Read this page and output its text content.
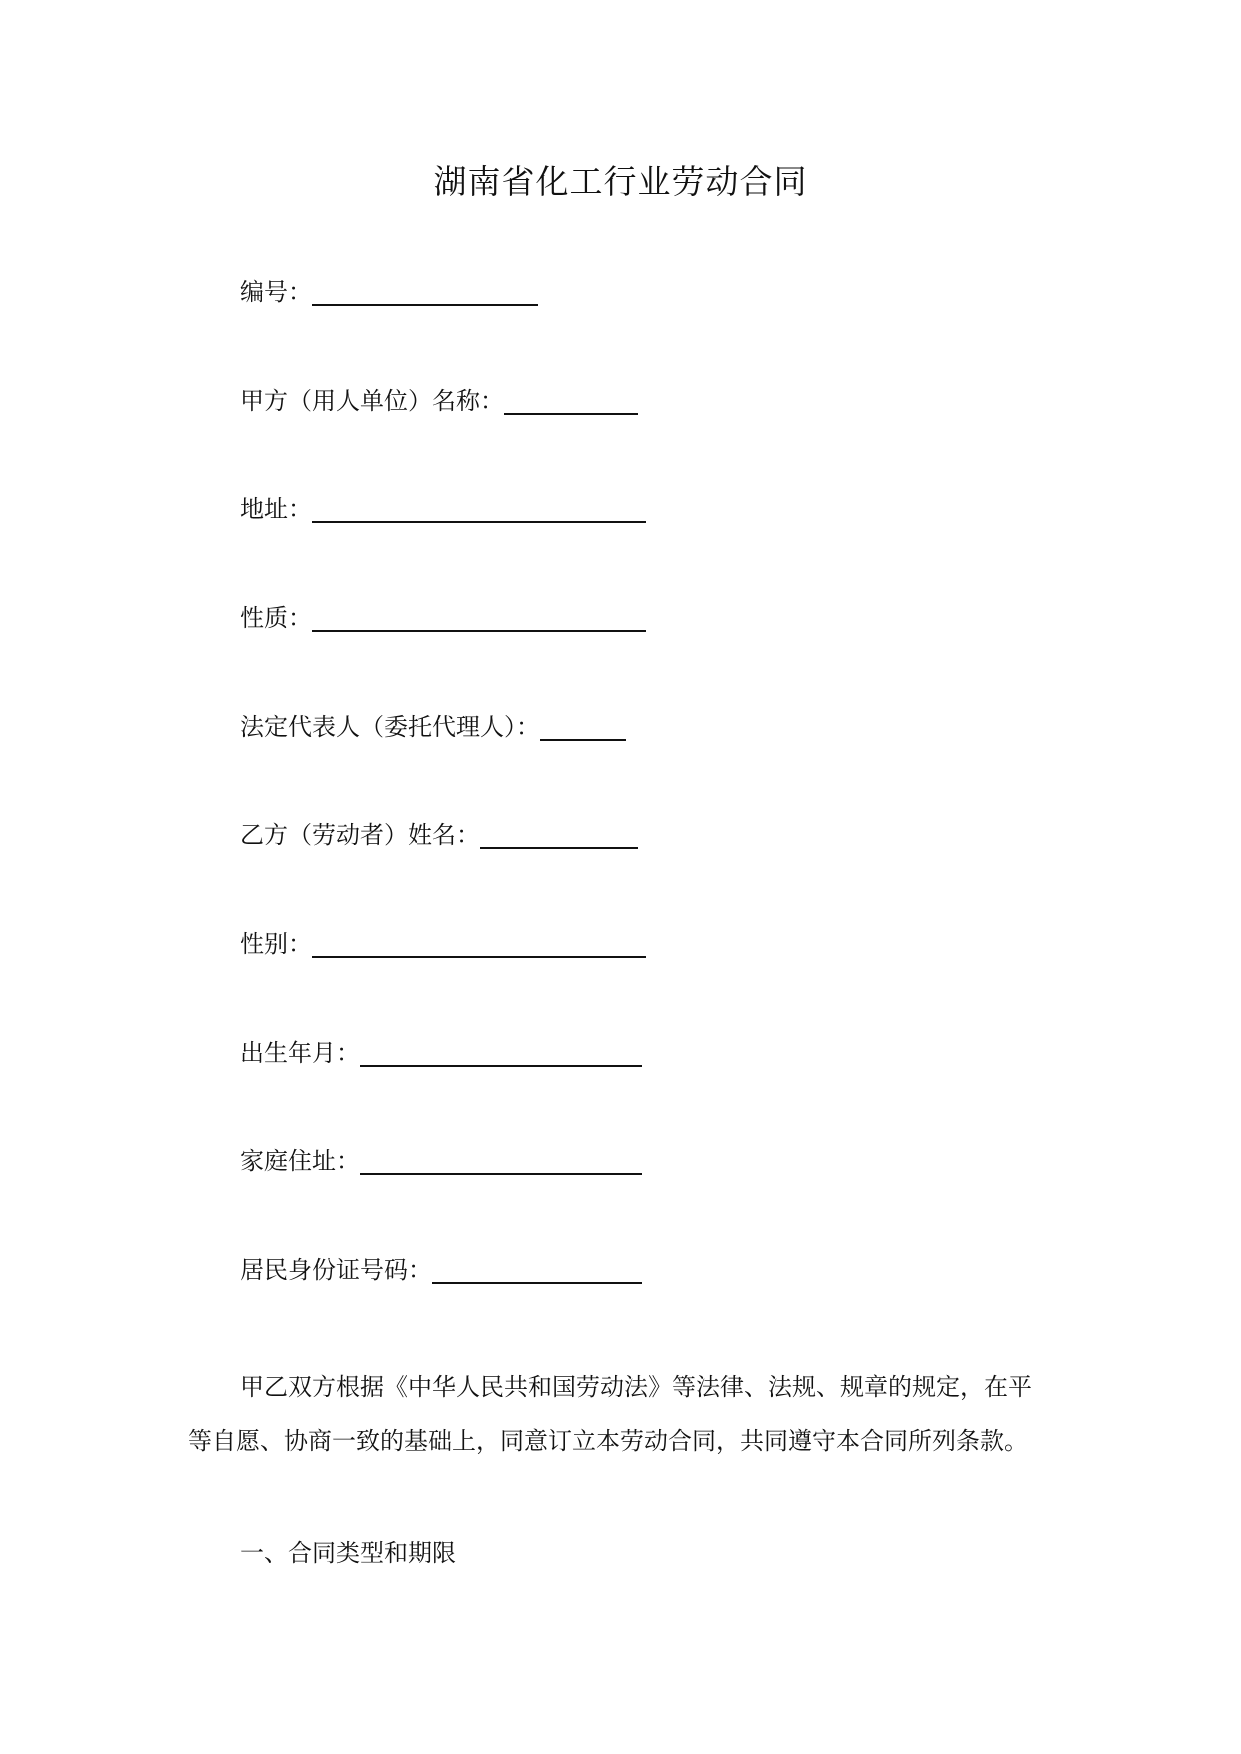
湖南省化工行业劳动合同
编号：
甲方（用人单位）名称：
地址：
性质：
法定代表人（委托代理人）：
乙方（劳动者）姓名：
性别：
出生年月：
家庭住址：
居民身份证号码：
甲乙双方根据《中华人民共和国劳动法》等法律、法规、规章的规定，在平
等自愿、协商一致的基础上，同意订立本劳动合同，共同遵守本合同所列条款。
一、合同类型和期限
